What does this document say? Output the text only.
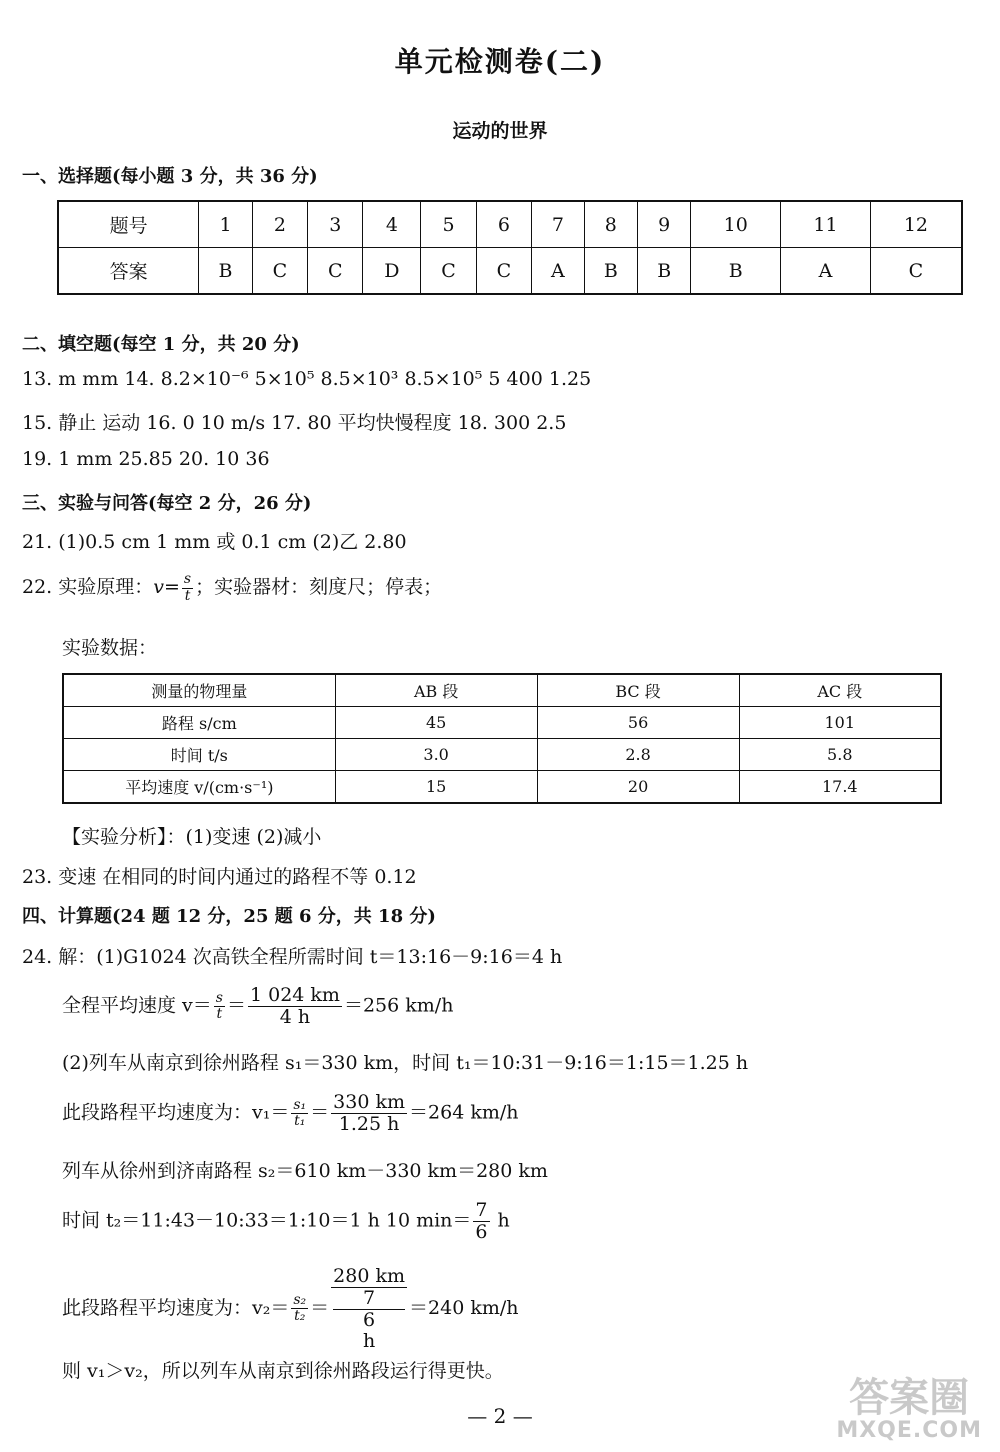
单元检测卷(二)
运动的世界
一、选择题(每小题 3 分，共 36 分)
题号	1	2	3	4	5	6	7	8	9	10	11	12
答案	B	C	C	D	C	C	A	B	B	B	A	C
二、填空题(每空 1 分，共 20 分)
13. m mm 14. 8.2×10⁻⁶ 5×10⁵ 8.5×10³ 8.5×10⁵ 5 400 1.25
15. 静止 运动 16. 0 10 m/s 17. 80 平均快慢程度 18. 300 2.5
19. 1 mm 25.85 20. 10 36
三、实验与问答(每空 2 分，26 分)
21. (1)0.5 cm 1 mm 或 0.1 cm (2)乙 2.80
22. 实验原理：$v= \frac{s}{t}$ ；实验器材：刻度尺；停表；
实验数据：
测量的物理量	AB 段	BC 段	AC 段
路程 s/cm	45	56	101
时间 t/s	3.0	2.8	5.8
平均速度 v/(cm·s⁻¹)	15	20	17.4
【实验分析】：(1)变速 (2)减小
23. 变速 在相同的时间内通过的路程不等 0.12
四、计算题(24 题 12 分，25 题 6 分，共 18 分)
24. 解：(1)G1024 次高铁全程所需时间 t＝13:16－9:16＝4 h
全程平均速度 $v= \frac{s}{t} = \frac{1 024 km}{4 h} =256$ km/h
(2)列车从南京到徐州路程 s₁＝330 km，时间 t₁＝10:31－9:16＝1:15＝1.25 h
此段路程平均速度为：$v_1= \frac{\text{s₁}}{\text{t₁}} = \frac{330 km}{1.25 h} =264$ km/h
列车从徐州到济南路程 s₂＝610 km－330 km＝280 km
时间 t₂＝11:43－10:33＝1:10＝1 h 10 $\min= \frac{7}{6}$ h
此段路程平均速度为：$v_2= \frac{\text{s₂}}{\text{t₂}} = 280$ km
7
6
h ＝240 km/h
则 v₁＞v₂，所以列车从南京到徐州路段运行得更快。
— 2 —	答案圈
MXQE.COM
